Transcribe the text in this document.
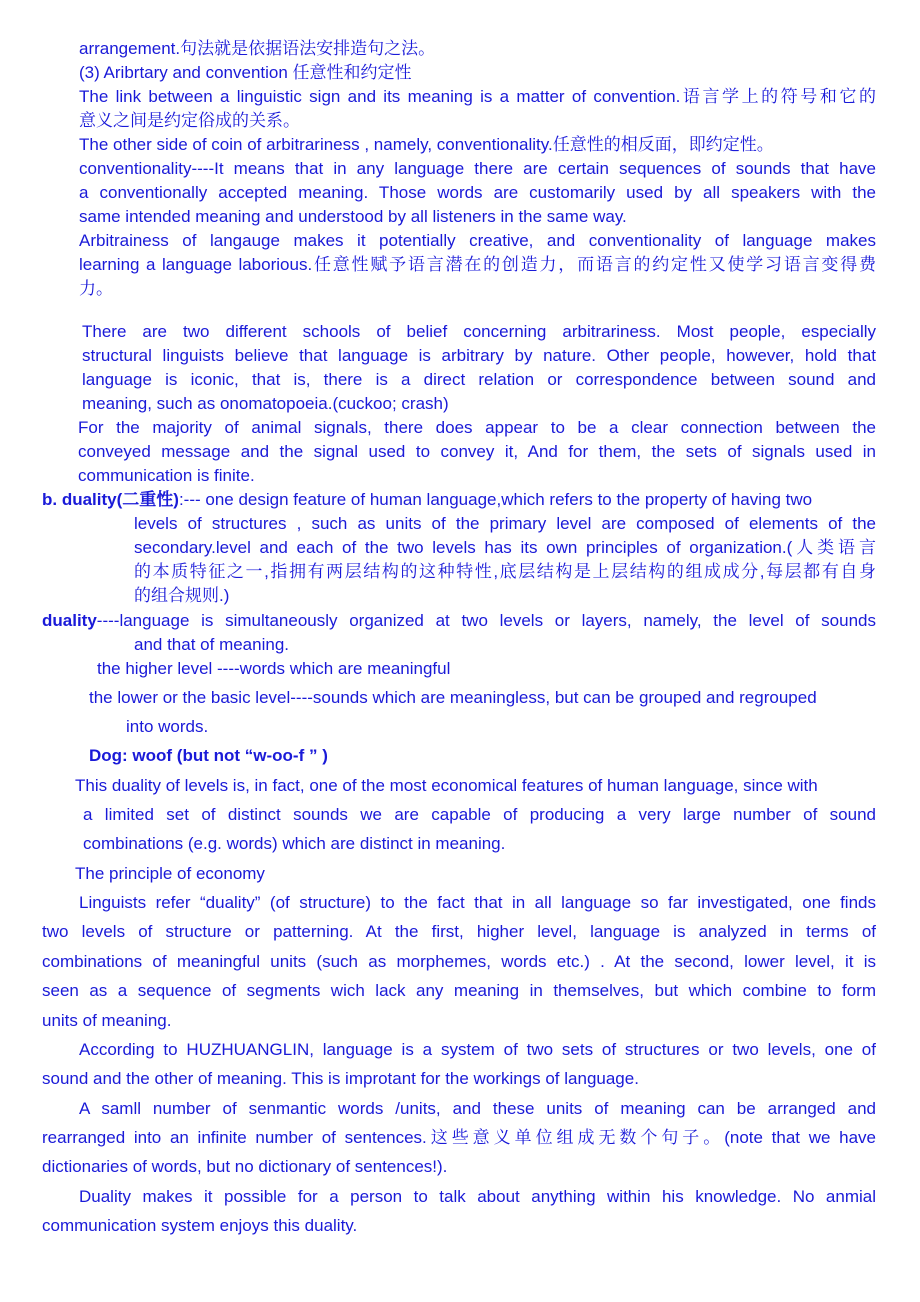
arrangement.句法就是依据语法安排造句之法。
(3) Aribrtary and convention 任意性和约定性
The link between a linguistic sign and its meaning is a matter of convention.语言学上的符号和它的
意义之间是约定俗成的关系。
The other side of coin of arbitrariness , namely, conventionality.任意性的相反面，即约定性。
conventionality----It means that in any language there are certain sequences of sounds that have
a conventionally accepted meaning. Those words are customarily used by all speakers with the
same intended meaning and understood by all listeners in the same way.
Arbitrainess of langauge makes it potentially creative, and conventionality of language makes
learning a language laborious.任意性赋予语言潜在的创造力，而语言的约定性又使学习语言变得费
力。
There are two different schools of belief concerning arbitrariness. Most people, especially
structural linguists believe that language is arbitrary by nature. Other people, however, hold that
language is iconic, that is, there is a direct relation or correspondence between sound and
meaning, such as onomatopoeia.(cuckoo; crash)
For the majority of animal signals, there does appear to be a clear connection between the
conveyed message and the signal used to convey it, And for them, the sets of signals used in
communication is finite.
b. duality(二重性):--- one design feature of human language,which refers to the property of having two
levels of structures , such as units of the primary level are composed of elements of the
secondary.level and each of the two levels has its own principles of organization.(人类语言
的本质特征之一,指拥有两层结构的这种特性,底层结构是上层结构的组成成分,每层都有自身
的组合规则.)
duality----language is simultaneously organized at two levels or layers, namely, the level of sounds
and that of meaning.
the higher level ----words which are meaningful
the lower or the basic level----sounds which are meaningless, but can be grouped and regrouped
into words.
Dog: woof (but not “w-oo-f ” )
This duality of levels is, in fact, one of the most economical features of human language, since with
a limited set of distinct sounds we are capable of producing a very large number of sound
combinations (e.g. words) which are distinct in meaning.
The principle of economy
Linguists refer “duality” (of structure) to the fact that in all language so far investigated, one finds
two levels of structure or patterning. At the first, higher level, language is analyzed in terms of
combinations of meaningful units (such as morphemes, words etc.) . At the second, lower level, it is
seen as a sequence of segments wich lack any meaning in themselves, but which combine to form
units of meaning.
According to HUZHUANGLIN, language is a system of two sets of structures or two levels, one of
sound and the other of meaning. This is improtant for the workings of language.
A samll number of senmantic words /units, and these units of meaning can be arranged and
rearranged into an infinite number of sentences.这些意义单位组成无数个句子。(note that we have
dictionaries of words, but no dictionary of sentences!).
Duality makes it possible for a person to talk about anything within his knowledge. No anmial
communication system enjoys this duality.
